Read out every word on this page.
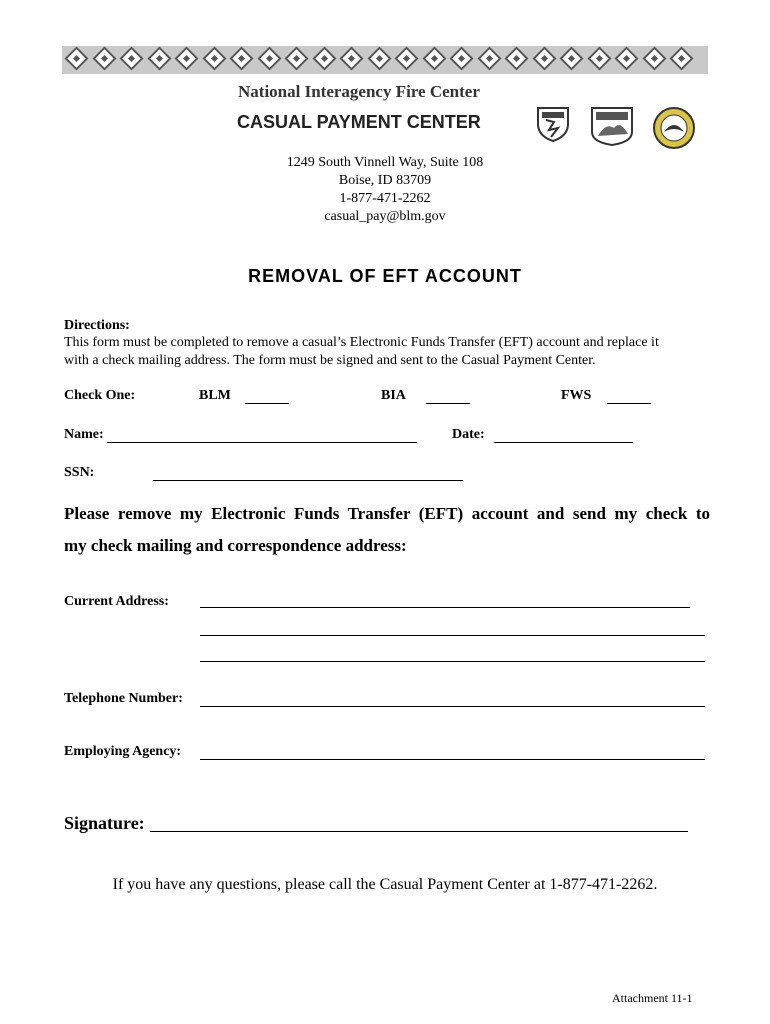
National Interagency Fire Center
CASUAL PAYMENT CENTER
1249 South Vinnell Way, Suite 108
Boise, ID 83709
1-877-471-2262
casual_pay@blm.gov
REMOVAL OF EFT ACCOUNT
Directions:
This form must be completed to remove a casual’s Electronic Funds Transfer (EFT) account and replace it
with a check mailing address. The form must be signed and sent to the Casual Payment Center.
Check One:	BLM	BIA	FWS
Name:	Date:
SSN:
Please remove my Electronic Funds Transfer (EFT) account and send my check to
my check mailing and correspondence address:
Current Address:
Telephone Number:
Employing Agency:
Signature:
If you have any questions, please call the Casual Payment Center at 1-877-471-2262.
Attachment 11-1
